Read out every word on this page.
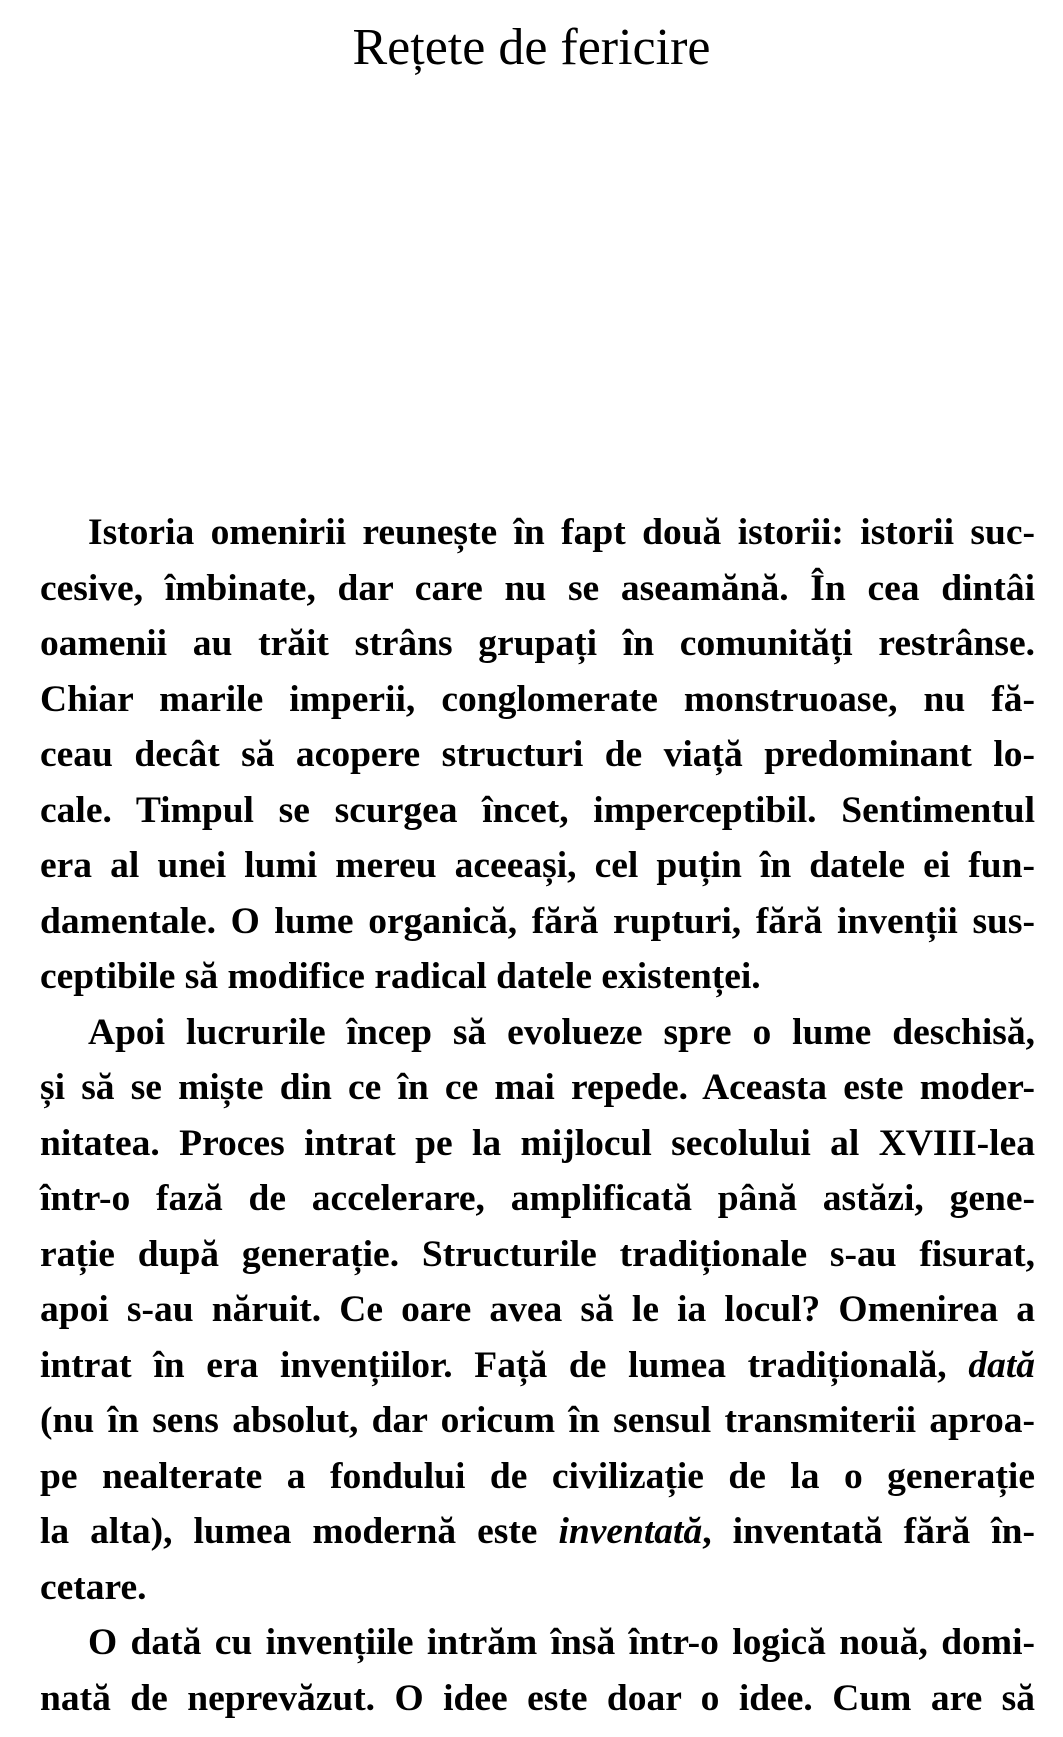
Rețete de fericire
Istoria omenirii reunește în fapt două istorii: istorii suc-
cesive, îmbinate, dar care nu se aseamănă. În cea dintâi
oamenii au trăit strâns grupați în comunități restrânse.
Chiar marile imperii, conglomerate monstruoase, nu fă-
ceau decât să acopere structuri de viață predominant lo-
cale. Timpul se scurgea încet, imperceptibil. Sentimentul
era al unei lumi mereu aceeași, cel puțin în datele ei fun-
damentale. O lume organică, fără rupturi, fără invenții sus-
ceptibile să modifice radical datele existenței.
Apoi lucrurile încep să evolueze spre o lume deschisă,
și să se miște din ce în ce mai repede. Aceasta este moder-
nitatea. Proces intrat pe la mijlocul secolului al XVIII-lea
într-o fază de accelerare, amplificată până astăzi, gene-
rație după generație. Structurile tradiționale s-au fisurat,
apoi s-au năruit. Ce oare avea să le ia locul? Omenirea a
intrat în era invențiilor. Față de lumea tradițională, dată
(nu în sens absolut, dar oricum în sensul transmiterii aproa-
pe nealterate a fondului de civilizație de la o generație
la alta), lumea modernă este inventată, inventată fără în-
cetare.
O dată cu invențiile intrăm însă într-o logică nouă, domi-
nată de neprevăzut. O idee este doar o idee. Cum are să
